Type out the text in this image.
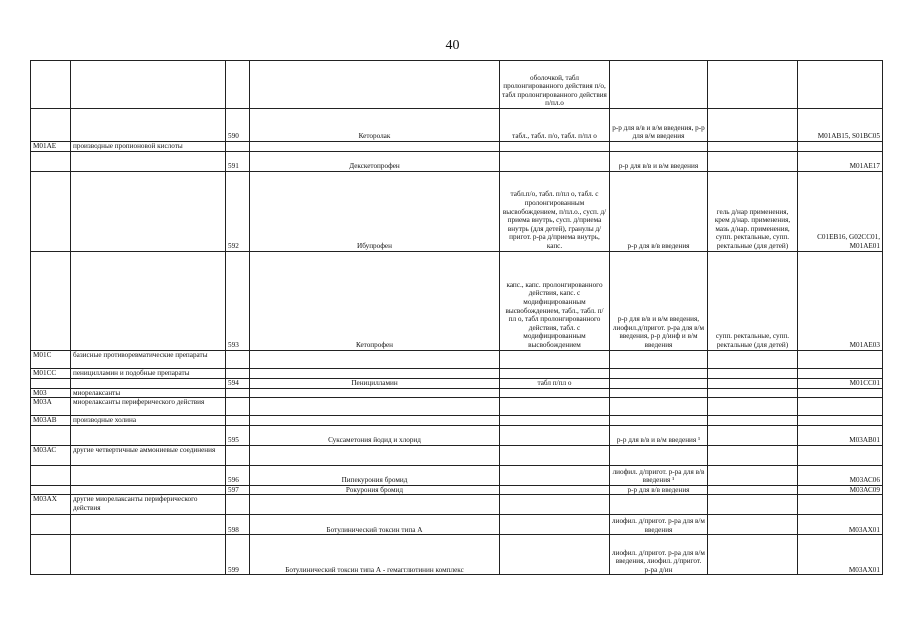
40
				оболочкой, табл пролонгированного действия п/о, табл пролонгированного действия п/пл.о			
		590	Кеторолак	табл., табл. п/о, табл. п/пл о	р-р для в/в и в/м введения, р-р для в/м введения		М01АВ15, S01BC05
М01АЕ	производные пропионовой кислоты						
		591	Декскетопрофен		р-р для в/в и в/м введения		М01АЕ17
		592	Ибупрофен	табл.п/о, табл. п/пл о, табл. с пролонгированным высвобождением, п/пл.о., сусп. д/приема внутрь, сусп. д/приема внутрь (для детей), гранулы д/пригот. р-ра д/приема внутрь, капс.	р-р для в/в введения	гель д/нар применения, крем д/нар. применения, мазь д/нар. применения, супп. ректальные, супп. ректальные (для детей)	С01ЕВ16, G02CC01, М01АЕ01
		593	Кетопрофен	капс., капс. пролонгированного действия, капс. с модифицированным высвобождением, табл., табл. п/пл о, табл пролонгированного действия, табл. с модифицированным высвобождением	р-р для в/в и в/м введения, лиофил.д/пригот. р-ра для в/м введения, р-р д/инф и в/м введения	супп. ректальные, супп. ректальные (для детей)	М01АЕ03
М01С	базисные противоревматические препараты						
М01СС	пеницилламин и подобные препараты						
		594	Пеницилламин	табл п/пл о			М01СС01
М03	миорелаксанты						
М03А	миорелаксанты периферического действия						
М03АВ	производные холина						
		595	Суксаметония йодид и хлорид		р-р для в/в и в/м введения ¹		М03АВ01
М03АС	другие четвертичные аммониевые соединения						
		596	Пипекурония бромид		лиофил. д/пригот. р-ра для в/в введения ¹		М03АС06
		597	Рокурония бромид		р-р для в/в введения		М03АС09
М03АХ	другие миорелаксанты периферического действия						
		598	Ботулинический токсин типа А		лиофил. д/пригот. р-ра для в/м введения		М03АХ01
		599	Ботулинический токсин типа А - гемагглютинин комплекс		лиофил. д/пригот. р-ра для в/м введения, лиофил. д/пригот. р-ра д/ин		М03АХ01
